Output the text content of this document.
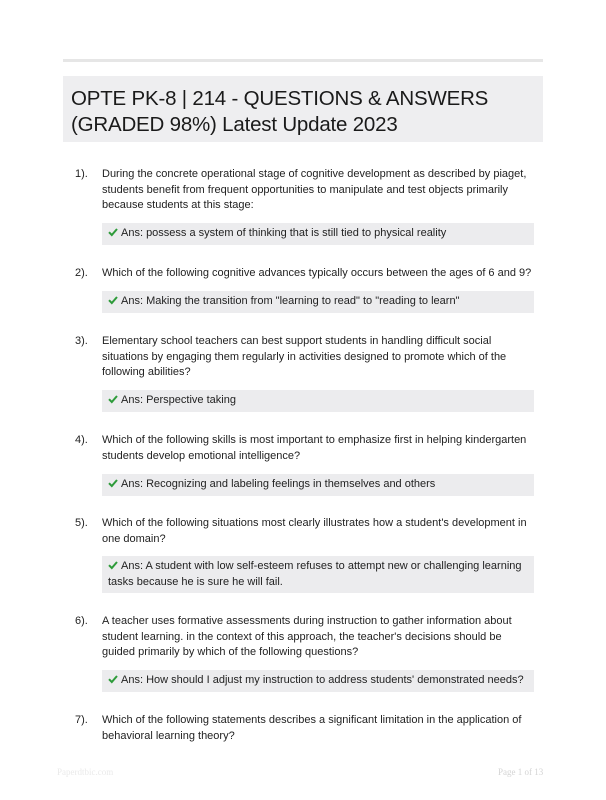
OPTE PK-8 | 214 - QUESTIONS & ANSWERS
(GRADED 98%) Latest Update 2023
1). During the concrete operational stage of cognitive development as described by piaget, students benefit from frequent opportunities to manipulate and test objects primarily because students at this stage:
Ans: possess a system of thinking that is still tied to physical reality
2). Which of the following cognitive advances typically occurs between the ages of 6 and 9?
Ans: Making the transition from "learning to read" to "reading to learn"
3). Elementary school teachers can best support students in handling difficult social situations by engaging them regularly in activities designed to promote which of the following abilities?
Ans: Perspective taking
4). Which of the following skills is most important to emphasize first in helping kindergarten students develop emotional intelligence?
Ans: Recognizing and labeling feelings in themselves and others
5). Which of the following situations most clearly illustrates how a student's development in one domain?
Ans: A student with low self-esteem refuses to attempt new or challenging learning tasks because he is sure he will fail.
6). A teacher uses formative assessments during instruction to gather information about student learning. in the context of this approach, the teacher's decisions should be guided primarily by which of the following questions?
Ans: How should I adjust my instruction to address students' demonstrated needs?
7). Which of the following statements describes a significant limitation in the application of behavioral learning theory?
Paperdtbic.com	Page 1 of 13
